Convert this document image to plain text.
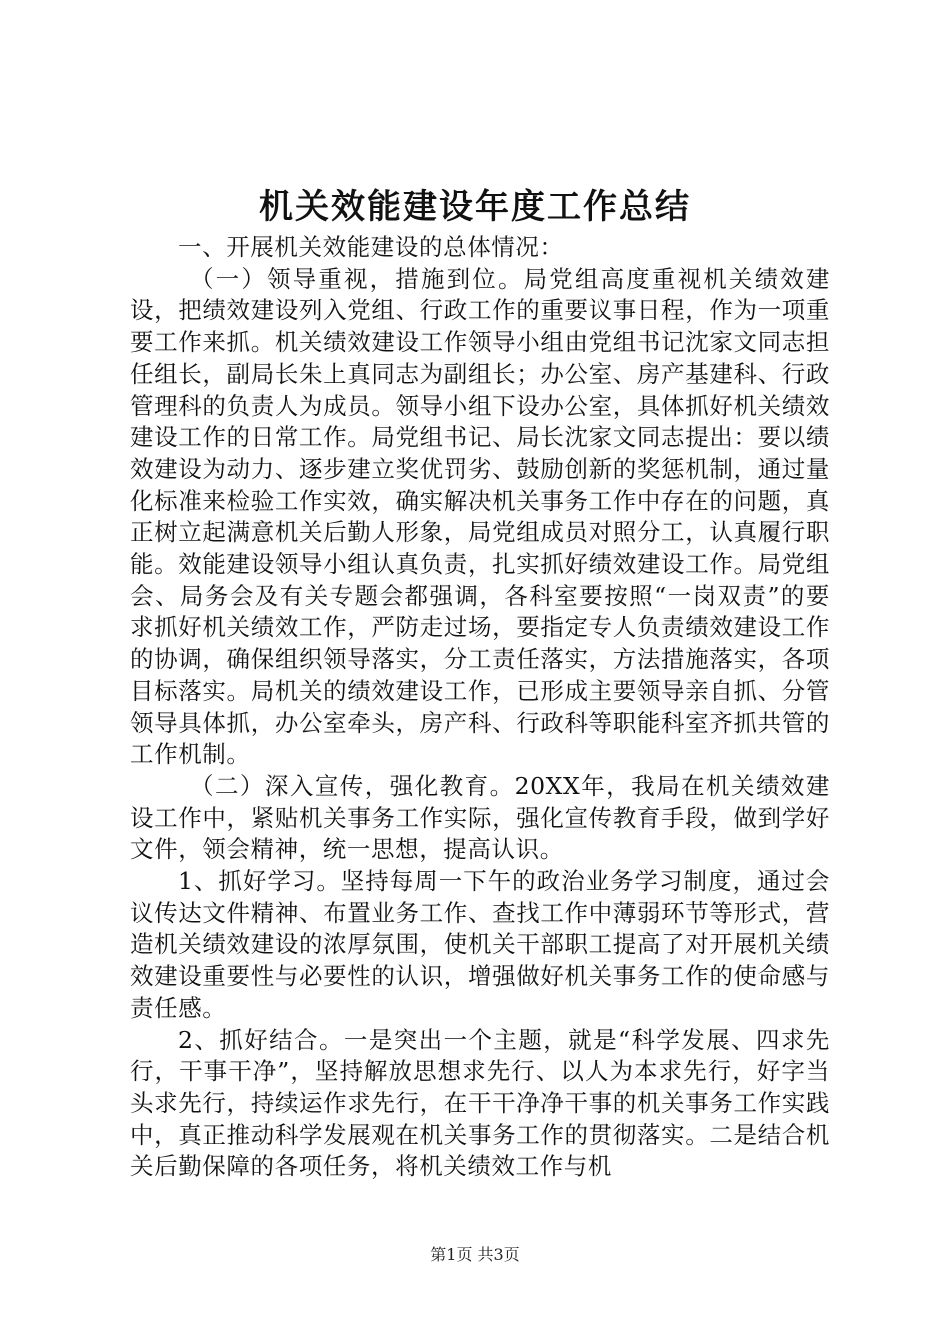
机关效能建设年度工作总结

一、开展机关效能建设的总体情况：

（一）领导重视，措施到位。局党组高度重视机关绩效建设，把绩效建设列入党组、行政工作的重要议事日程，作为一项重要工作来抓。机关绩效建设工作领导小组由党组书记沈家文同志担任组长，副局长朱上真同志为副组长；办公室、房产基建科、行政管理科的负责人为成员。领导小组下设办公室，具体抓好机关绩效建设工作的日常工作。局党组书记、局长沈家文同志提出：要以绩效建设为动力、逐步建立奖优罚劣、鼓励创新的奖惩机制，通过量化标准来检验工作实效，确实解决机关事务工作中存在的问题，真正树立起满意机关后勤人形象，局党组成员对照分工，认真履行职能。效能建设领导小组认真负责，扎实抓好绩效建设工作。局党组会、局务会及有关专题会都强调，各科室要按照“一岗双责”的要求抓好机关绩效工作，严防走过场，要指定专人负责绩效建设工作的协调，确保组织领导落实，分工责任落实，方法措施落实，各项目标落实。局机关的绩效建设工作，已形成主要领导亲自抓、分管领导具体抓，办公室牵头，房产科、行政科等职能科室齐抓共管的工作机制。

（二）深入宣传，强化教育。20XX年，我局在机关绩效建设工作中，紧贴机关事务工作实际，强化宣传教育手段，做到学好文件，领会精神，统一思想，提高认识。

1、抓好学习。坚持每周一下午的政治业务学习制度，通过会议传达文件精神、布置业务工作、查找工作中薄弱环节等形式，营造机关绩效建设的浓厚氛围，使机关干部职工提高了对开展机关绩效建设重要性与必要性的认识，增强做好机关事务工作的使命感与责任感。

2、抓好结合。一是突出一个主题，就是“科学发展、四求先行，干事干净”，坚持解放思想求先行、以人为本求先行，好字当头求先行，持续运作求先行，在干干净净干事的机关事务工作实践中，真正推动科学发展观在机关事务工作的贯彻落实。二是结合机关后勤保障的各项任务，将机关绩效工作与机

第1页 共3页
